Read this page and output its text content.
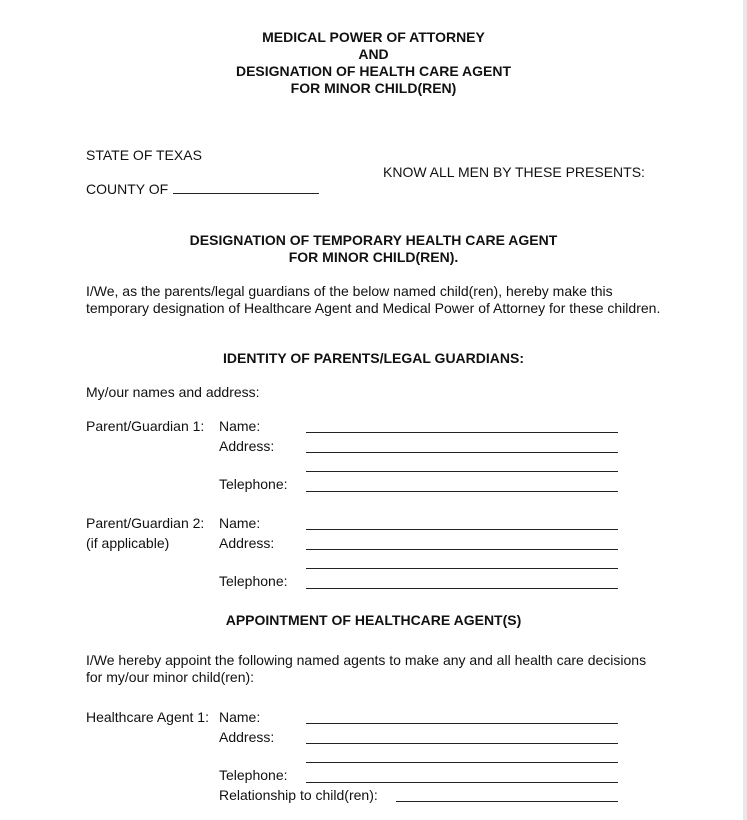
MEDICAL POWER OF ATTORNEY
AND
DESIGNATION OF HEALTH CARE AGENT
FOR MINOR CHILD(REN)
STATE OF TEXAS
KNOW ALL MEN BY THESE PRESENTS:
COUNTY OF
DESIGNATION OF TEMPORARY HEALTH CARE AGENT
FOR MINOR CHILD(REN).
I/We, as the parents/legal guardians of the below named child(ren), hereby make this temporary designation of Healthcare Agent and Medical Power of Attorney for these children.
IDENTITY OF PARENTS/LEGAL GUARDIANS:
My/our names and address:
Parent/Guardian 1: Name:
Address:
Telephone:
Parent/Guardian 2:
(if applicable)
Name:
Address:
Telephone:
APPOINTMENT OF HEALTHCARE AGENT(S)
I/We hereby appoint the following named agents to make any and all health care decisions for my/our minor child(ren):
Healthcare Agent 1: Name:
Address:
Telephone:
Relationship to child(ren):
